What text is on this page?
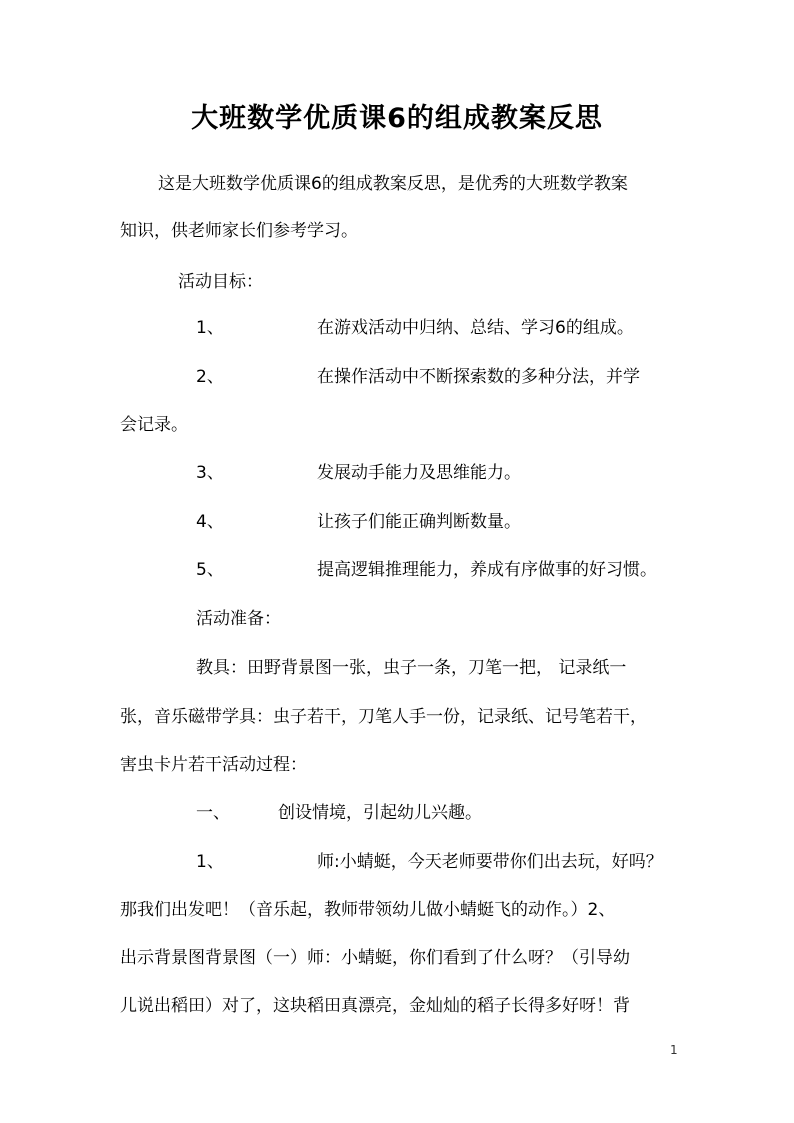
大班数学优质课6的组成教案反思
这是大班数学优质课6的组成教案反思，是优秀的大班数学教案
知识，供老师家长们参考学习。
活动目标：
1、	在游戏活动中归纳、总结、学习6的组成。
2、	在操作活动中不断探索数的多种分法，并学
会记录。
3、	发展动手能力及思维能力。
4、	让孩子们能正确判断数量。
5、	提高逻辑推理能力，养成有序做事的好习惯。
活动准备：
教具：田野背景图一张，虫子一条，刀笔一把， 记录纸一
张，音乐磁带学具：虫子若干，刀笔人手一份，记录纸、记号笔若干，
害虫卡片若干活动过程：
一、	创设情境，引起幼儿兴趣。
1、	师:小蜻蜓，今天老师要带你们出去玩，好吗？
那我们出发吧！（音乐起，教师带领幼儿做小蜻蜓飞的动作。）2、
出示背景图背景图（一）师：小蜻蜓，你们看到了什么呀？（引导幼
儿说出稻田）对了，这块稻田真漂亮，金灿灿的稻子长得多好呀！背
1
